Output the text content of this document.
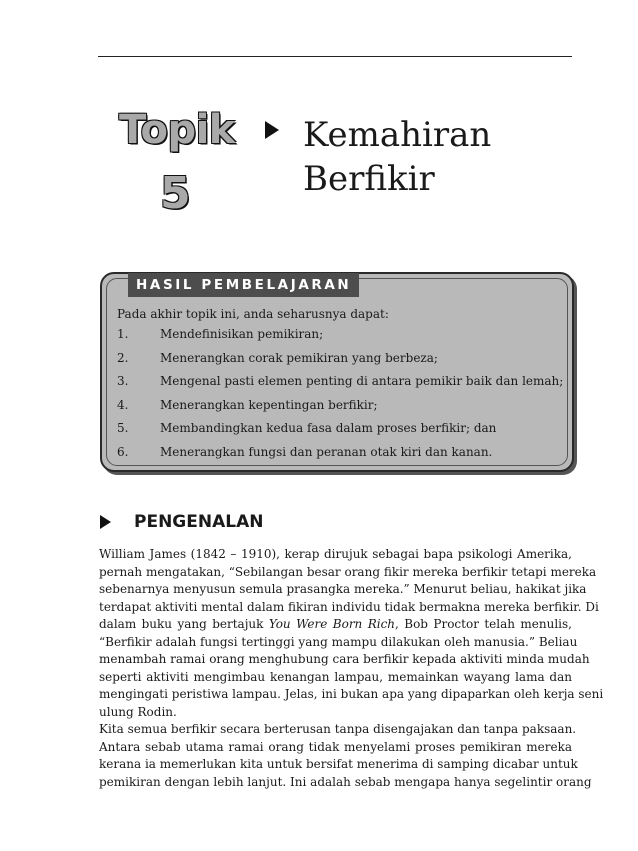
Topik
5
Kemahiran
Berfikir
HASIL PEMBELAJARAN
Pada akhir topik ini, anda seharusnya dapat:
1.	Mendefinisikan pemikiran;
2.	Menerangkan corak pemikiran yang berbeza;
3.	Mengenal pasti elemen penting di antara pemikir baik dan lemah;
4.	Menerangkan kepentingan berfikir;
5.	Membandingkan kedua fasa dalam proses berfikir; dan
6.	Menerangkan fungsi dan peranan otak kiri dan kanan.
PENGENALAN
William James (1842 – 1910), kerap dirujuk sebagai bapa psikologi Amerika,
pernah mengatakan, “Sebilangan besar orang fikir mereka berfikir tetapi mereka
sebenarnya menyusun semula prasangka mereka.” Menurut beliau, hakikat jika
terdapat aktiviti mental dalam fikiran individu tidak bermakna mereka berfikir. Di
dalam buku yang bertajuk You Were Born Rich, Bob Proctor telah menulis,
“Berfikir adalah fungsi tertinggi yang mampu dilakukan oleh manusia.” Beliau
menambah ramai orang menghubung cara berfikir kepada aktiviti minda mudah
seperti aktiviti mengimbau kenangan lampau, memainkan wayang lama dan
mengingati peristiwa lampau. Jelas, ini bukan apa yang dipaparkan oleh kerja seni
ulung Rodin.
Kita semua berfikir secara berterusan tanpa disengajakan dan tanpa paksaan.
Antara sebab utama ramai orang tidak menyelami proses pemikiran mereka
kerana ia memerlukan kita untuk bersifat menerima di samping dicabar untuk
pemikiran dengan lebih lanjut. Ini adalah sebab mengapa hanya segelintir orang
